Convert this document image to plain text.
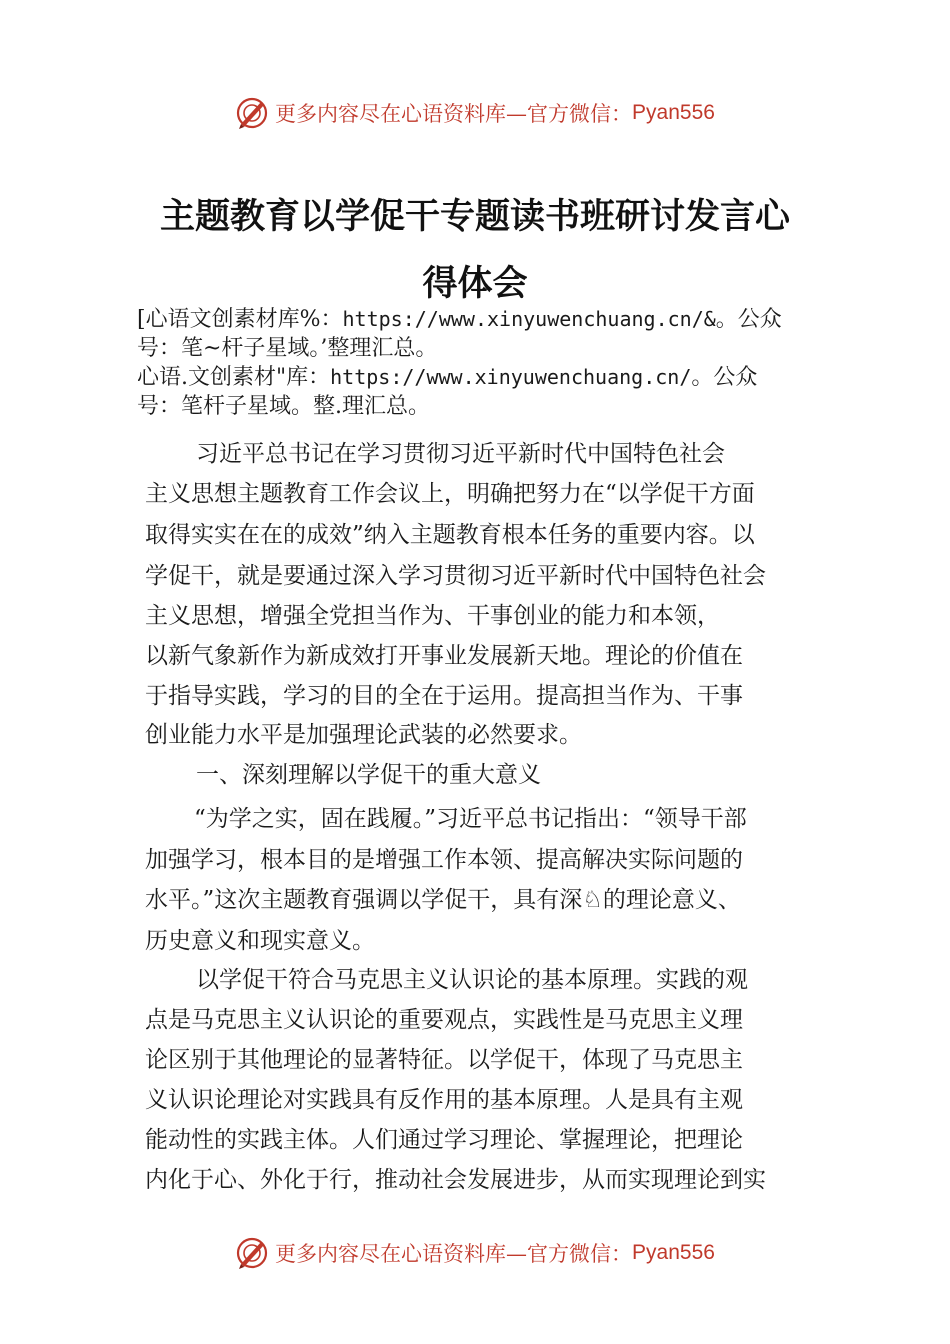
更多内容尽在心语资料库—官方微信： Pyan556
主题教育以学促干专题读书班研讨发言心
得体会
[心语文创素材库%：https://www.xinyuwenchuang.cn/&。公众
号：笔~杆子星域。’整理汇总。
心语.文创素材"库：https://www.xinyuwenchuang.cn/。公众
号：笔杆子星域。整.理汇总。
习近平总书记在学习贯彻习近平新时代中国特色社会
主义思想主题教育工作会议上，明确把努力在“以学促干方面
取得实实在在的成效”纳入主题教育根本任务的重要内容。以
学促干，就是要通过深入学习贯彻习近平新时代中国特色社会
主义思想，增强全党担当作为、干事创业的能力和本领，
以新气象新作为新成效打开事业发展新天地。理论的价值在
于指导实践，学习的目的全在于运用。提高担当作为、干事
创业能力水平是加强理论武装的必然要求。
一、深刻理解以学促干的重大意义
“为学之实，固在践履。”习近平总书记指出：“领导干部
加强学习，根本目的是增强工作本领、提高解决实际问题的
水平。”这次主题教育强调以学促干，具有深♘的理论意义、
历史意义和现实意义。
以学促干符合马克思主义认识论的基本原理。实践的观
点是马克思主义认识论的重要观点，实践性是马克思主义理
论区别于其他理论的显著特征。以学促干，体现了马克思主
义认识论理论对实践具有反作用的基本原理。人是具有主观
能动性的实践主体。人们通过学习理论、掌握理论，把理论
内化于心、外化于行，推动社会发展进步，从而实现理论到实
更多内容尽在心语资料库—官方微信： Pyan556
